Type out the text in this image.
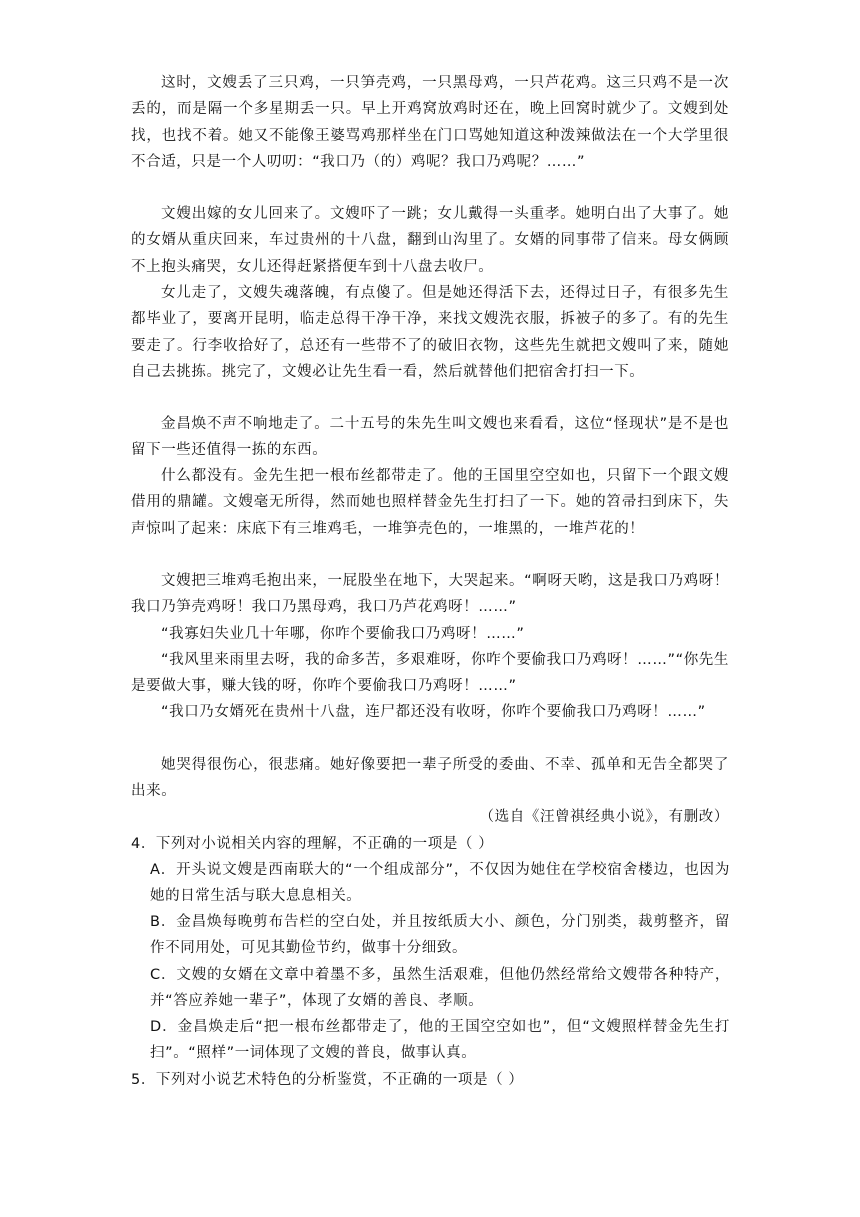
这时，文嫂丢了三只鸡，一只笋壳鸡，一只黑母鸡，一只芦花鸡。这三只鸡不是一次丢的，而是隔一个多星期丢一只。早上开鸡窝放鸡时还在，晚上回窝时就少了。文嫂到处找，也找不着。她又不能像王婆骂鸡那样坐在门口骂她知道这种泼辣做法在一个大学里很不合适，只是一个人叨叨：“我口乃（的）鸡呢？我口乃鸡呢？……”

文嫂出嫁的女儿回来了。文嫂吓了一跳；女儿戴得一头重孝。她明白出了大事了。她的女婿从重庆回来，车过贵州的十八盘，翻到山沟里了。女婿的同事带了信来。母女俩顾不上抱头痛哭，女儿还得赶紧搭便车到十八盘去收尸。

女儿走了，文嫂失魂落魄，有点傻了。但是她还得活下去，还得过日子，有很多先生都毕业了，要离开昆明，临走总得干净干净，来找文嫂洗衣服，拆被子的多了。有的先生要走了。行李收拾好了，总还有一些带不了的破旧衣物，这些先生就把文嫂叫了来，随她自己去挑拣。挑完了，文嫂必让先生看一看，然后就替他们把宿舍打扫一下。

金昌焕不声不响地走了。二十五号的朱先生叫文嫂也来看看，这位“怪现状”是不是也留下一些还值得一拣的东西。

什么都没有。金先生把一根布丝都带走了。他的王国里空空如也，只留下一个跟文嫂借用的鼎罐。文嫂毫无所得，然而她也照样替金先生打扫了一下。她的笤帚扫到床下，失声惊叫了起来：床底下有三堆鸡毛，一堆笋壳色的，一堆黑的，一堆芦花的！

文嫂把三堆鸡毛抱出来，一屁股坐在地下，大哭起来。“啊呀天哟，这是我口乃鸡呀！我口乃笋壳鸡呀！我口乃黑母鸡，我口乃芦花鸡呀！……”

“我寡妇失业几十年哪，你咋个要偷我口乃鸡呀！……”

“我风里来雨里去呀，我的命多苦，多艰难呀，你咋个要偷我口乃鸡呀！……”“你先生是要做大事，赚大钱的呀，你咋个要偷我口乃鸡呀！……”

“我口乃女婿死在贵州十八盘，连尸都还没有收呀，你咋个要偷我口乃鸡呀！……”

她哭得很伤心，很悲痛。她好像要把一辈子所受的委曲、不幸、孤单和无告全都哭了出来。

（选自《汪曾祺经典小说》，有删改）

4．下列对小说相关内容的理解，不正确的一项是（ ）

A．开头说文嫂是西南联大的“一个组成部分”，不仅因为她住在学校宿舍楼边，也因为她的日常生活与联大息息相关。

B．金昌焕每晚剪布告栏的空白处，并且按纸质大小、颜色，分门别类，裁剪整齐，留作不同用处，可见其勤俭节约，做事十分细致。

C．文嫂的女婿在文章中着墨不多，虽然生活艰难，但他仍然经常给文嫂带各种特产，并“答应养她一辈子”，体现了女婿的善良、孝顺。

D．金昌焕走后“把一根布丝都带走了，他的王国空空如也”，但“文嫂照样替金先生打扫”。“照样”一词体现了文嫂的普良，做事认真。

5．下列对小说艺术特色的分析鉴赏，不正确的一项是（ ）
